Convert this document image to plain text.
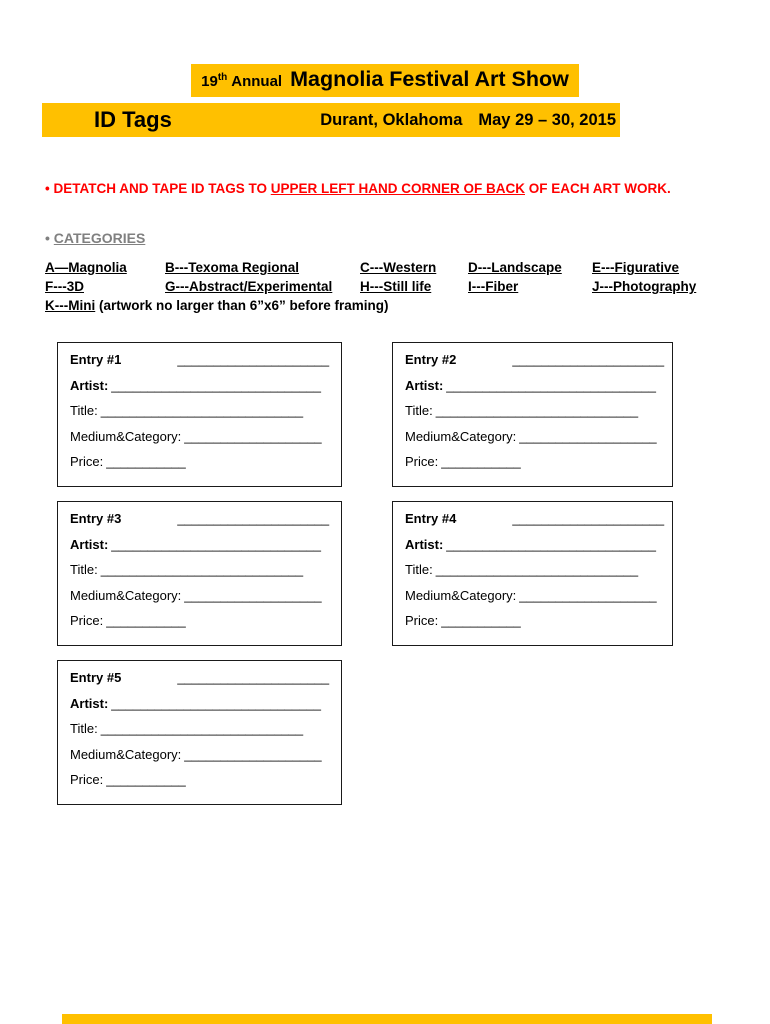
19th Annual Magnolia Festival Art Show
ID Tags	Durant, Oklahoma May 29 – 30, 2015

• DETATCH AND TAPE ID TAGS TO UPPER LEFT HAND CORNER OF BACK OF EACH ART WORK.

• CATEGORIES

A—Magnolia	B---Texoma Regional	C---Western	D---Landscape	E---Figurative
F---3D	G---Abstract/Experimental	H---Still life	I---Fiber	J---Photography
K---Mini (artwork no larger than 6”x6” before framing)
Entry #1	_____________________
Artist: _____________________________
Title: ____________________________
Medium&Category: ___________________
Price: ___________
Entry #2	_____________________
Artist: _____________________________
Title: ____________________________
Medium&Category: ___________________
Price: ___________
Entry #3	_____________________
Artist: _____________________________
Title: ____________________________
Medium&Category: ___________________
Price: ___________
Entry #4	_____________________
Artist: _____________________________
Title: ____________________________
Medium&Category: ___________________
Price: ___________
Entry #5	_____________________
Artist: _____________________________
Title: ____________________________
Medium&Category: ___________________
Price: ___________
